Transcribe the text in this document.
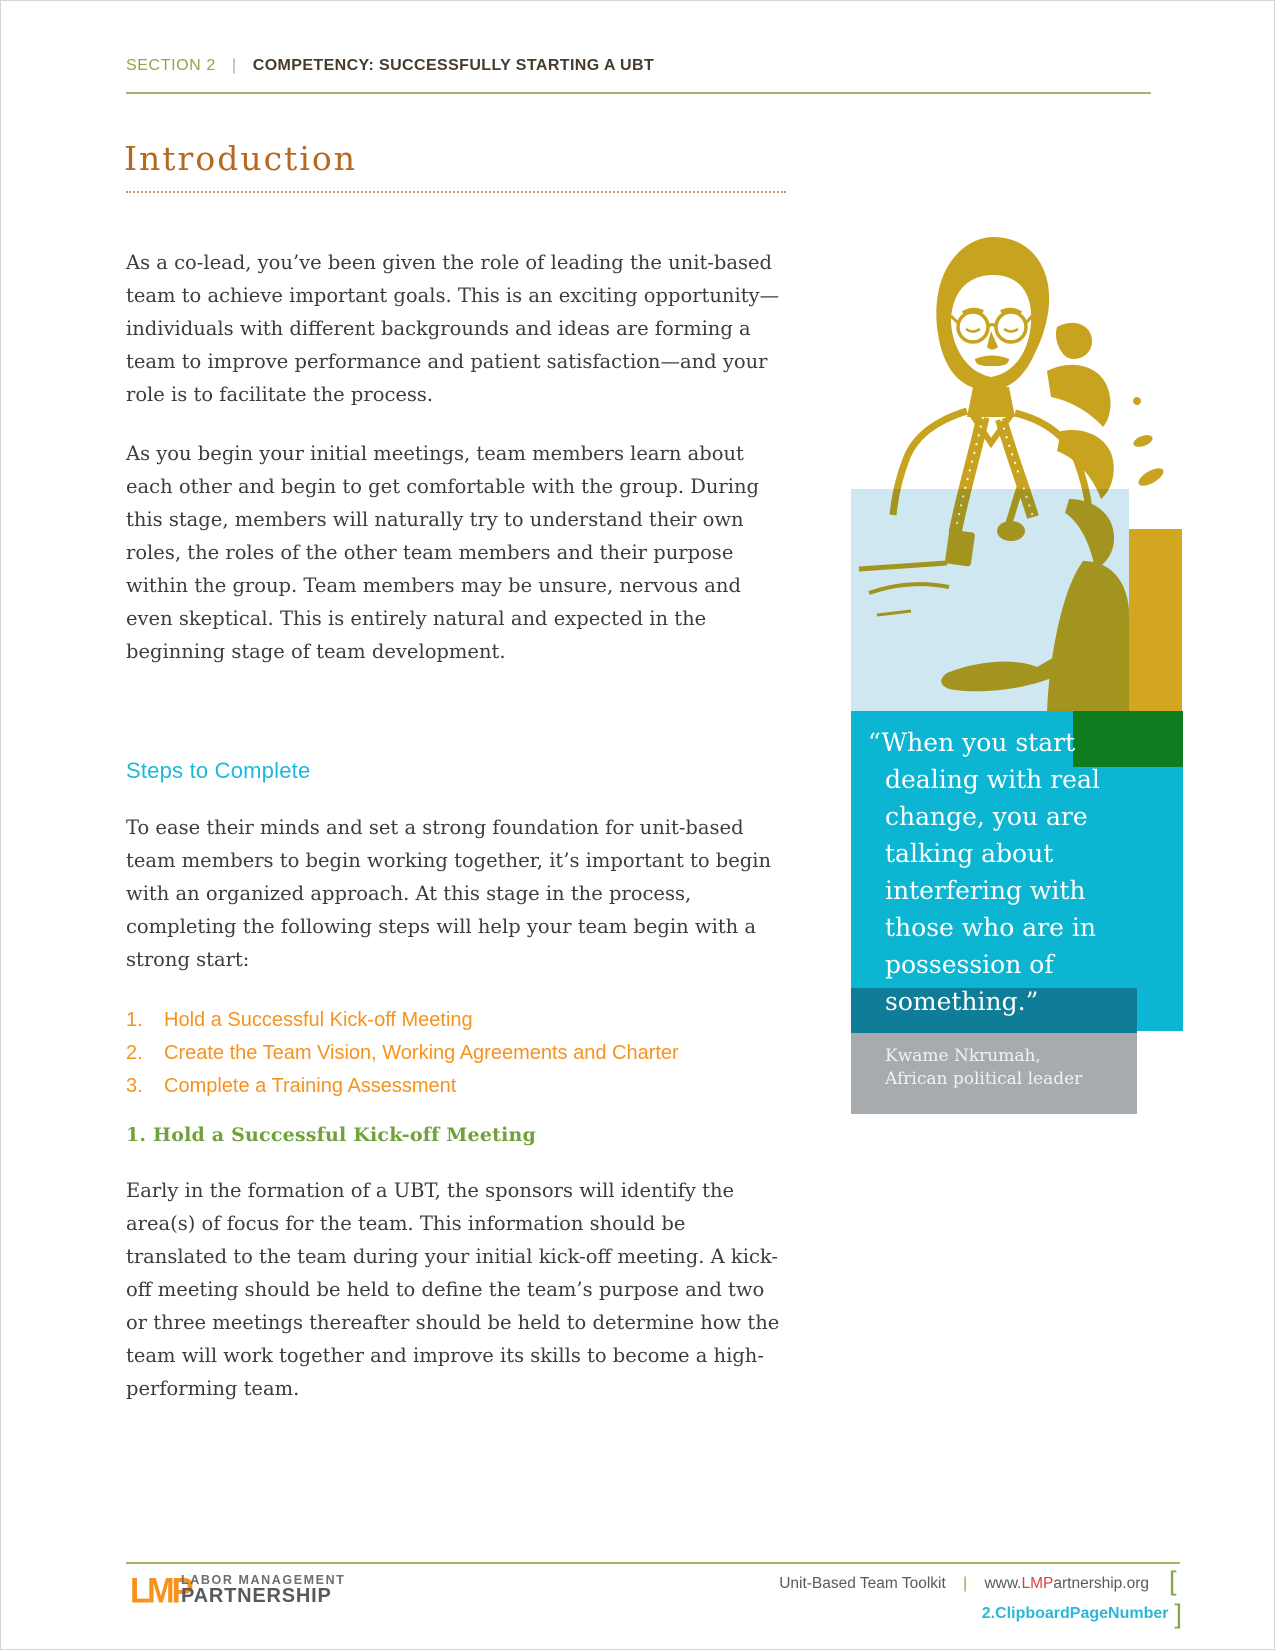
SECTION 2 | COMPETENCY: SUCCESSFULLY STARTING A UBT
Introduction
As a co-lead, you’ve been given the role of leading the unit-based team to achieve important goals. This is an exciting opportunity—individuals with different backgrounds and ideas are forming a team to improve performance and patient satisfaction—and your role is to facilitate the process.
As you begin your initial meetings, team members learn about each other and begin to get comfortable with the group. During this stage, members will naturally try to understand their own roles, the roles of the other team members and their purpose within the group. Team members may be unsure, nervous and even skeptical. This is entirely natural and expected in the beginning stage of team development.
Steps to Complete
To ease their minds and set a strong foundation for unit-based team members to begin working together, it’s important to begin with an organized approach. At this stage in the process, completing the following steps will help your team begin with a strong start:
1. Hold a Successful Kick-off Meeting
2. Create the Team Vision, Working Agreements and Charter
3. Complete a Training Assessment
1. Hold a Successful Kick-off Meeting
Early in the formation of a UBT, the sponsors will identify the area(s) of focus for the team. This information should be translated to the team during your initial kick-off meeting. A kick-off meeting should be held to define the team’s purpose and two or three meetings thereafter should be held to determine how the team will work together and improve its skills to become a high-performing team.
“When you start
dealing with real
change, you are
talking about
interfering with
those who are in
possession of
something.”
Kwame Nkrumah,
African political leader
LMP
LABOR MANAGEMENT
PARTNERSHIP
Unit-Based Team Toolkit | www.LMPartnership.org [
2.ClipboardPageNumber ]
